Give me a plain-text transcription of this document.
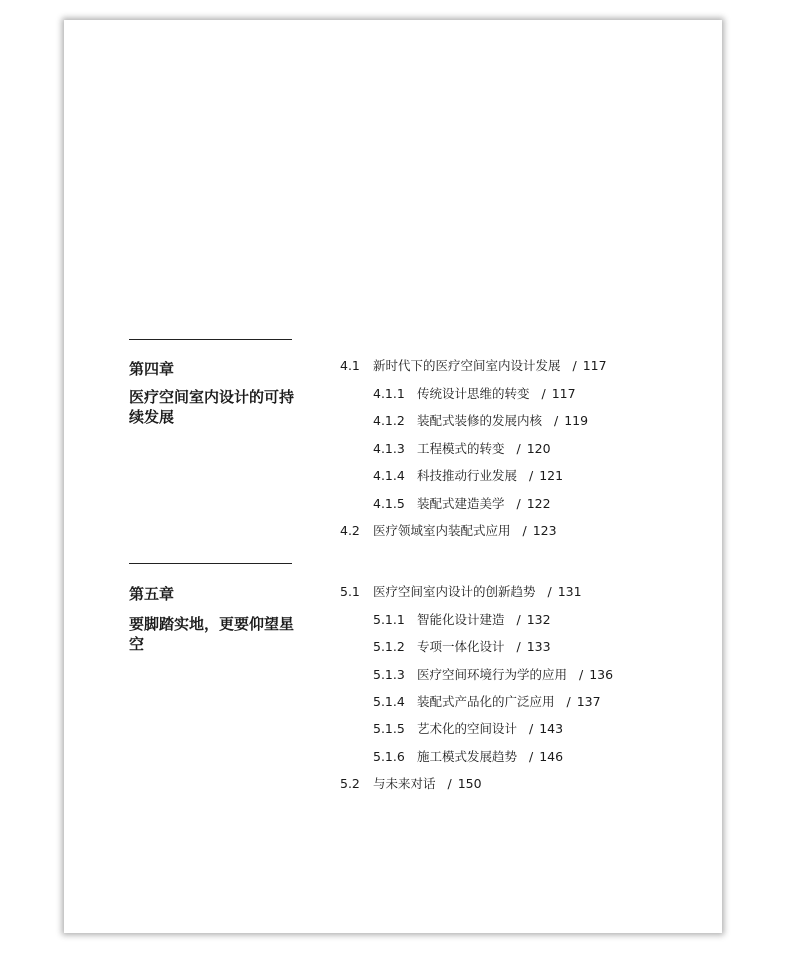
第四章
医疗空间室内设计的可持续发展
4.1 新时代下的医疗空间室内设计发展 / 117
4.1.1 传统设计思维的转变 / 117
4.1.2 装配式装修的发展内核 / 119
4.1.3 工程模式的转变 / 120
4.1.4 科技推动行业发展 / 121
4.1.5 装配式建造美学 / 122
4.2 医疗领域室内装配式应用 / 123
第五章
要脚踏实地，更要仰望星空
5.1 医疗空间室内设计的创新趋势 / 131
5.1.1 智能化设计建造 / 132
5.1.2 专项一体化设计 / 133
5.1.3 医疗空间环境行为学的应用 / 136
5.1.4 装配式产品化的广泛应用 / 137
5.1.5 艺术化的空间设计 / 143
5.1.6 施工模式发展趋势 / 146
5.2 与未来对话 / 150
